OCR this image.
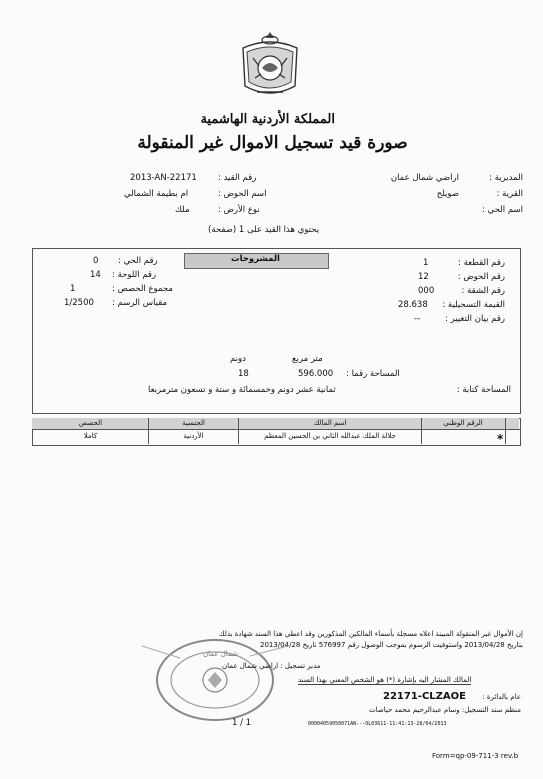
المملكة الأردنية الهاشمية
صورة قيد تسجيل الاموال غير المنقولة
المديرية :
اراضي شمال عمان
القرية :
صويلح
اسم الحي :
رقم القيد :
2013-AN-22171
اسم الحوض :
ام بطيمة الشمالي
نوع الأرض :
ملك
يحتوي هذا القيد على 1 (صفحة)
المشروحات	رقم القطعة :
1
رقم الحوض :
12
رقم الشقة :
000
القيمة التسجيلية :
28.638
رقم بيان التغيير :
--
رقم الحي :
0
رقم اللوحة :
14
مجموع الحصص :
1
مقياس الرسم :
1/2500
متر مربع
دونم
المساحة رقما :
596.000
18
المساحة كتابة :
ثمانية عشر دونم وخمسمائة و ستة و تسعون مترمربعا
الرقم الوطني
اسم المالك
الجنسية
الحصص
*
جلالة الملك عبدالله الثاني بن الحسين المعظم
الأردنية
كاملا
إن الأموال غير المنقولة المبينة اعلاه مسجلة بأسماء المالكين المذكورين وقد اعطي هذا السند شهادة بذلك
بتاريخ 2013/04/28 واستوفيت الرسوم بموجب الوصول رقم 576997 تاريخ 2013/04/28
شمال عمان
مدير تسجيل : اراضي شمال عمان
المالك المشار اليه بإشارة (*) هو الشخص المعني بهذا السند
عام بالدائرة :
22171-CLZAOE
منظم سند التسجيل: وسام عبدالرحيم محمد حياصات
00004059050071AN---OL03611-11:41:13-28/04/2013
1 / 1
Form=qp-09-711-3 rev.b
